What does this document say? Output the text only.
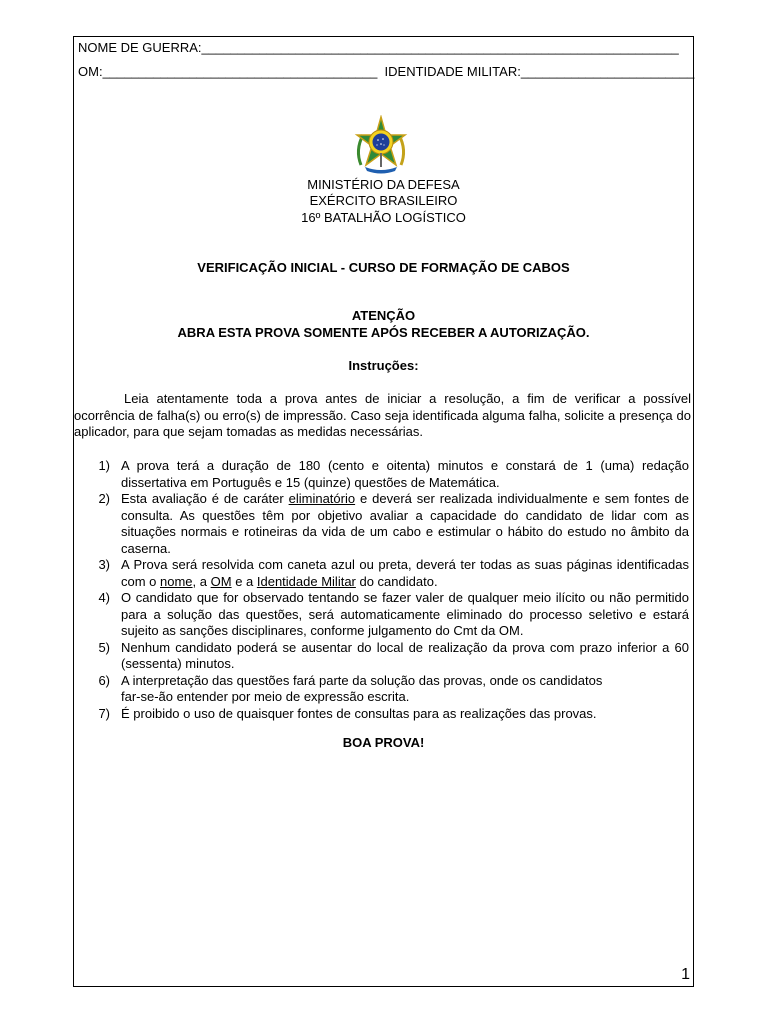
NOME DE GUERRA:__________________________________________________________________
OM:______________________________________ IDENTIDADE MILITAR:________________________
MINISTÉRIO DA DEFESA
EXÉRCITO BRASILEIRO
16º BATALHÃO LOGÍSTICO
VERIFICAÇÃO INICIAL - CURSO DE FORMAÇÃO DE CABOS
ATENÇÃO
ABRA ESTA PROVA SOMENTE APÓS RECEBER A AUTORIZAÇÃO.
Instruções:
Leia atentamente toda a prova antes de iniciar a resolução, a fim de verificar a possível ocorrência de falha(s) ou erro(s) de impressão. Caso seja identificada alguma falha, solicite a presença do aplicador, para que sejam tomadas as medidas necessárias.
1) A prova terá a duração de 180 (cento e oitenta) minutos e constará de 1 (uma) redação dissertativa em Português e 15 (quinze) questões de Matemática.
2) Esta avaliação é de caráter eliminatório e deverá ser realizada individualmente e sem fontes de consulta. As questões têm por objetivo avaliar a capacidade do candidato de lidar com as situações normais e rotineiras da vida de um cabo e estimular o hábito do estudo no âmbito da caserna.
3) A Prova será resolvida com caneta azul ou preta, deverá ter todas as suas páginas identificadas com o nome, a OM e a Identidade Militar do candidato.
4) O candidato que for observado tentando se fazer valer de qualquer meio ilícito ou não permitido para a solução das questões, será automaticamente eliminado do processo seletivo e estará sujeito as sanções disciplinares, conforme julgamento do Cmt da OM.
5) Nenhum candidato poderá se ausentar do local de realização da prova com prazo inferior a 60 (sessenta) minutos.
6) A interpretação das questões fará parte da solução das provas, onde os candidatos
far-se-ão entender por meio de expressão escrita.
7) É proibido o uso de quaisquer fontes de consultas para as realizações das provas.
BOA PROVA!
1
